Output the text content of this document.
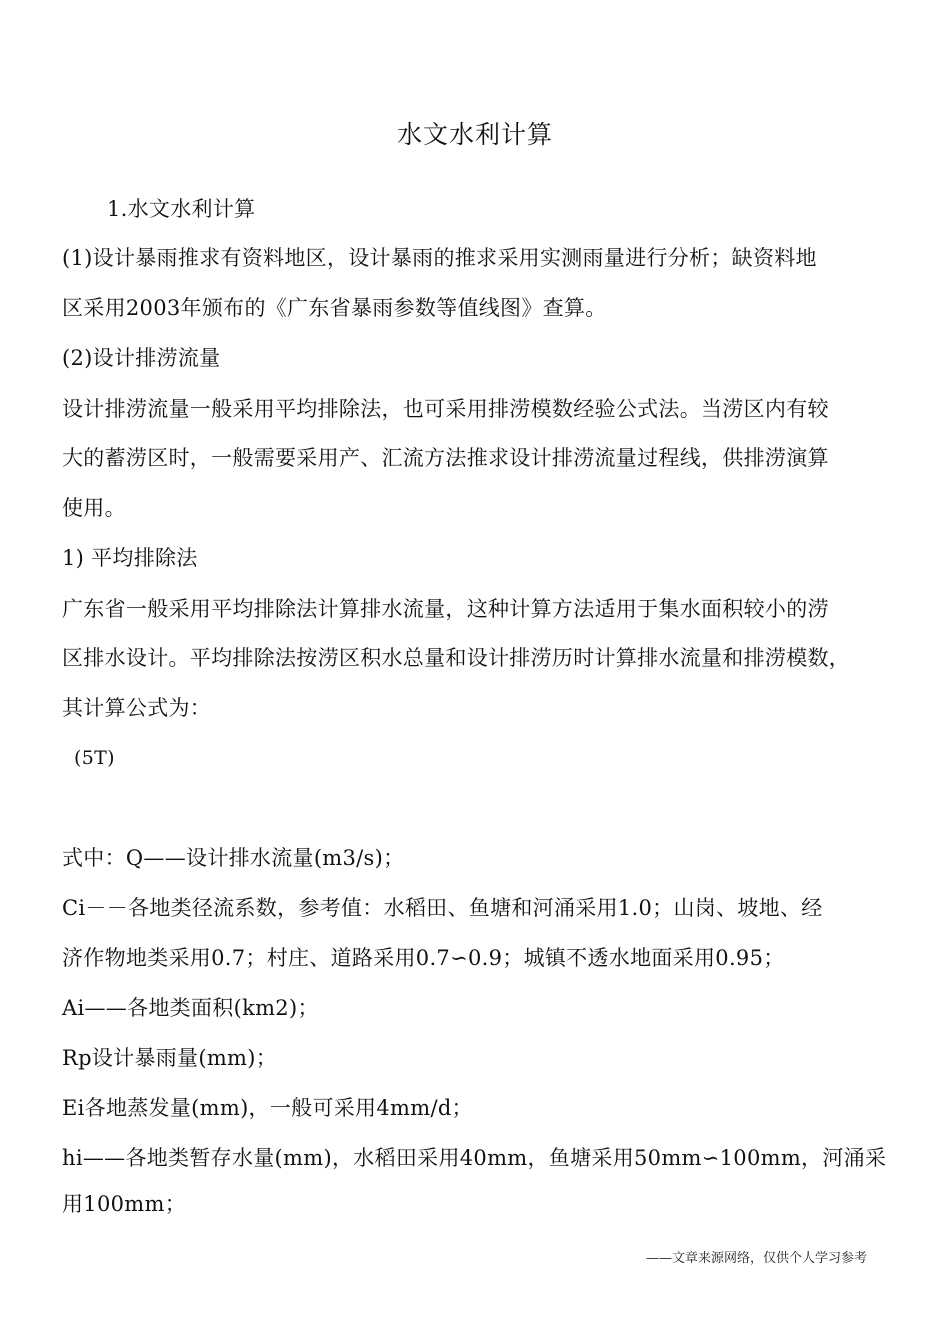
水文水利计算
1.水文水利计算
(1)设计暴雨推求有资料地区，设计暴雨的推求采用实测雨量进行分析；缺资料地
区采用2003年颁布的《广东省暴雨参数等值线图》查算。
(2)设计排涝流量
设计排涝流量一般采用平均排除法，也可采用排涝模数经验公式法。当涝区内有较
大的蓄涝区时，一般需要采用产、汇流方法推求设计排涝流量过程线，供排涝演算
使用。
1) 平均排除法
广东省一般采用平均排除法计算排水流量，这种计算方法适用于集水面积较小的涝
区排水设计。平均排除法按涝区积水总量和设计排涝历时计算排水流量和排涝模数，
其计算公式为：
(5T)
式中：Q——设计排水流量(m3/s)；
Ci－－各地类径流系数，参考值：水稻田、鱼塘和河涌采用1.0；山岗、坡地、经
济作物地类采用0.7；村庄、道路采用0.7∽0.9；城镇不透水地面采用0.95；
Ai——各地类面积(km2)；
Rp设计暴雨量(mm)；
Ei各地蒸发量(mm)，一般可采用4mm/d；
hi——各地类暂存水量(mm)，水稻田采用40mm，鱼塘采用50mm∽100mm，河涌采
用100mm；
——文章来源网络，仅供个人学习参考
